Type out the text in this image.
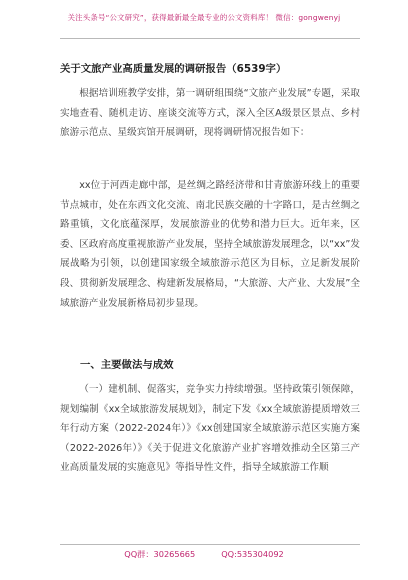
关注头条号“公文研究”，获得最新最全最专业的公文资料库！ 微信：gongwenyj
关于文旅产业高质量发展的调研报告（6539字）

根据培训班教学安排，第一调研组围绕“文旅产业发展”专题，采取实地查看、随机走访、座谈交流等方式，深入全区A级景区景点、乡村旅游示范点、星级宾馆开展调研，现将调研情况报告如下：

xx位于河西走廊中部，是丝绸之路经济带和甘青旅游环线上的重要节点城市，处在东西文化交流、南北民族交融的十字路口，是古丝绸之路重镇，文化底蕴深厚，发展旅游业的优势和潜力巨大。近年来，区委、区政府高度重视旅游产业发展，坚持全域旅游发展理念，以“xx”发展战略为引领，以创建国家级全域旅游示范区为目标，立足新发展阶段、贯彻新发展理念、构建新发展格局，“大旅游、大产业、大发展”全域旅游产业发展新格局初步显现。

一、主要做法与成效

（一）建机制、促落实，竞争实力持续增强。坚持政策引领保障，规划编制《xx全域旅游发展规划》，制定下发《xx全域旅游提质增效三年行动方案（2022-2024年）》《xx创建国家全域旅游示范区实施方案（2022-2026年）》《关于促进文化旅游产业扩容增效推动全区第三产业高质量发展的实施意见》等指导性文件，指导全域旅游工作顺

QQ群：30265665	QQ:535304092
